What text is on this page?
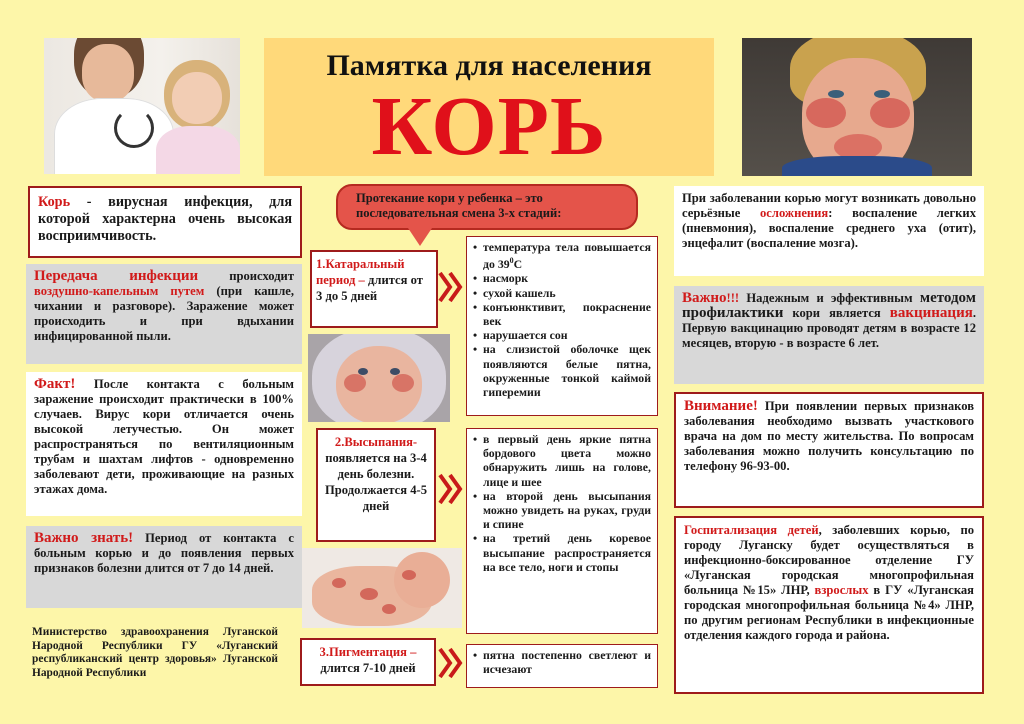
Памятка для населения
КОРЬ
Корь - вирусная инфекция, для которой характерна очень высокая восприимчивость.
Передача инфекции происходит воздушно-капельным путем (при кашле, чихании и разговоре). Заражение может происходить и при вдыхании инфицированной пыли.
Факт! После контакта с больным заражение происходит практически в 100% случаев. Вирус кори отличается очень высокой летучестью. Он может распространяться по вентиляционным трубам и шахтам лифтов - одновременно заболевают дети, проживающие на разных этажах дома.
Важно знать! Период от контакта с больным корью и до появления первых признаков болезни длится от 7 до 14 дней.
Министерство здравоохранения Луганской Народной Республики ГУ «Луганский республиканский центр здоровья» Луганской Народной Республики
Протекание кори у ребенка – это последовательная смена 3-х стадий:
1.Катаральный период – длится от 3 до 5 дней
• температура тела повышается до $39^0С$
• насморк
• сухой кашель
• конъюнктивит, покраснение век
• нарушается сон
• на слизистой оболочке щек появляются белые пятна, окруженные тонкой каймой гиперемии
2.Высыпания-
появляется на 3-4 день болезни. Продолжается 4-5 дней
• в первый день яркие пятна бордового цвета можно обнаружить лишь на голове, лице и шее
• на второй день высыпания можно увидеть на руках, груди и спине
• на третий день коревое высыпание распространяется на все тело, ноги и стопы
3.Пигментация –
длится 7-10 дней
• пятна постепенно светлеют и исчезают
При заболевании корью могут возникать довольно серьёзные осложнения: воспаление легких (пневмония), воспаление среднего уха (отит), энцефалит (воспаление мозга).
Важно!!! Надежным и эффективным методом профилактики кори является вакцинация. Первую вакцинацию проводят детям в возрасте 12 месяцев, вторую - в возрасте 6 лет.
Внимание! При появлении первых признаков заболевания необходимо вызвать участкового врача на дом по месту жительства. По вопросам заболевания можно получить консультацию по телефону 96-93-00.
Госпитализация детей, заболевших корью, по городу Луганску будет осуществляться в инфекционно-боксированное отделение ГУ «Луганская городская многопрофильная больница №15» ЛНР, взрослых в ГУ «Луганская городская многопрофильная больница №4» ЛНР, по другим регионам Республики в инфекционные отделения каждого города и района.
